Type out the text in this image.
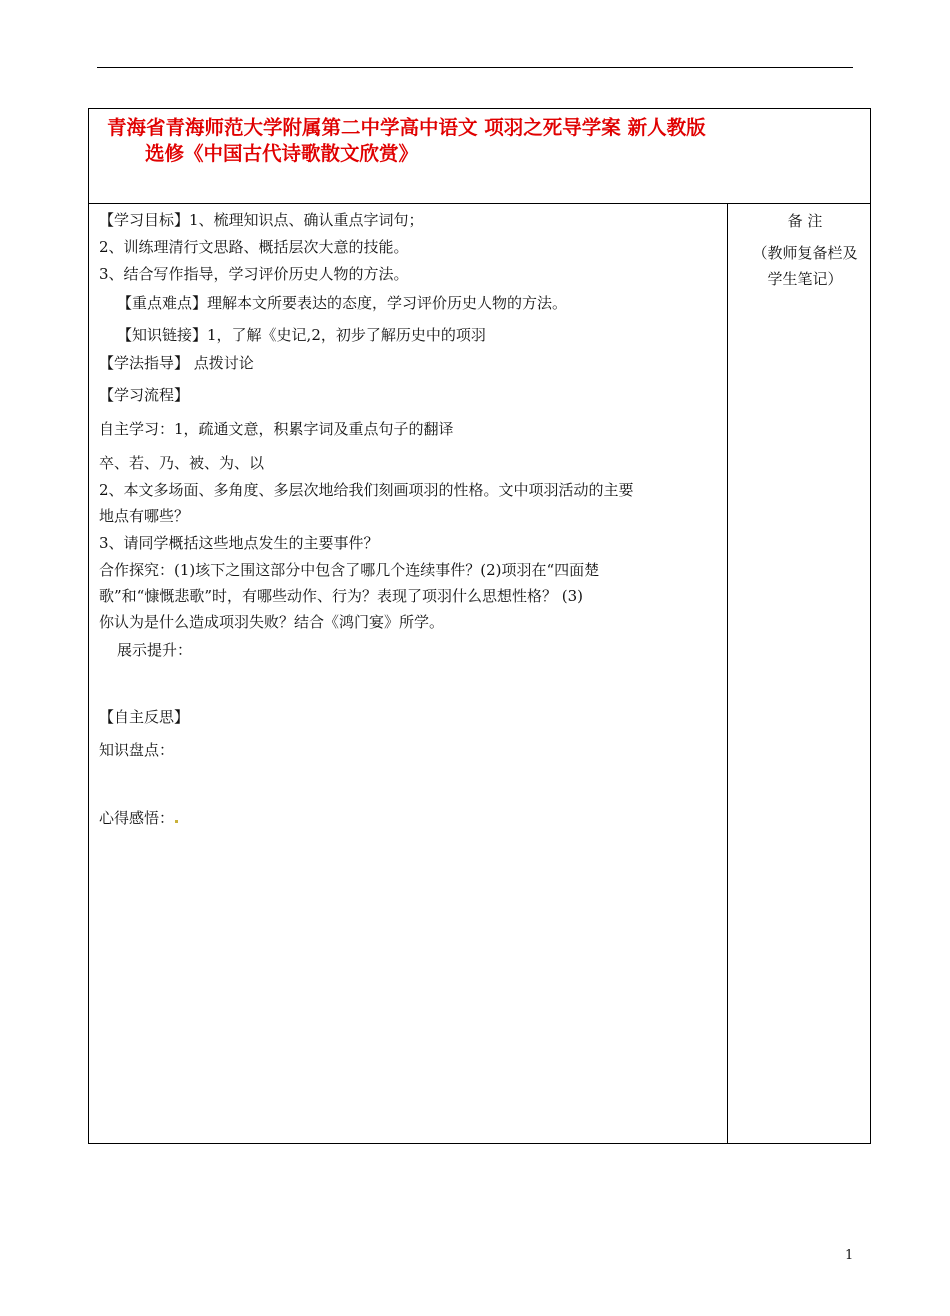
青海省青海师范大学附属第二中学高中语文 项羽之死导学案 新人教版
选修《中国古代诗歌散文欣赏》
【学习目标】1、梳理知识点、确认重点字词句；
2、训练理清行文思路、概括层次大意的技能。
3、结合写作指导，学习评价历史人物的方法。
【重点难点】理解本文所要表达的态度，学习评价历史人物的方法。
【知识链接】1，了解《史记,2，初步了解历史中的项羽
【学法指导】 点拨讨论
【学习流程】
自主学习：1，疏通文意，积累字词及重点句子的翻译
卒、若、乃、被、为、以
2、本文多场面、多角度、多层次地给我们刻画项羽的性格。文中项羽活动的主要
地点有哪些？
3、请同学概括这些地点发生的主要事件？
合作探究：(1)垓下之围这部分中包含了哪几个连续事件？(2)项羽在“四面楚
歌”和“慷慨悲歌”时，有哪些动作、行为？表现了项羽什么思想性格？ (3)
你认为是什么造成项羽失败？结合《鸿门宴》所学。
展示提升：
【自主反思】
知识盘点：
心得感悟：
备 注
（教师复备栏及
学生笔记）
1
